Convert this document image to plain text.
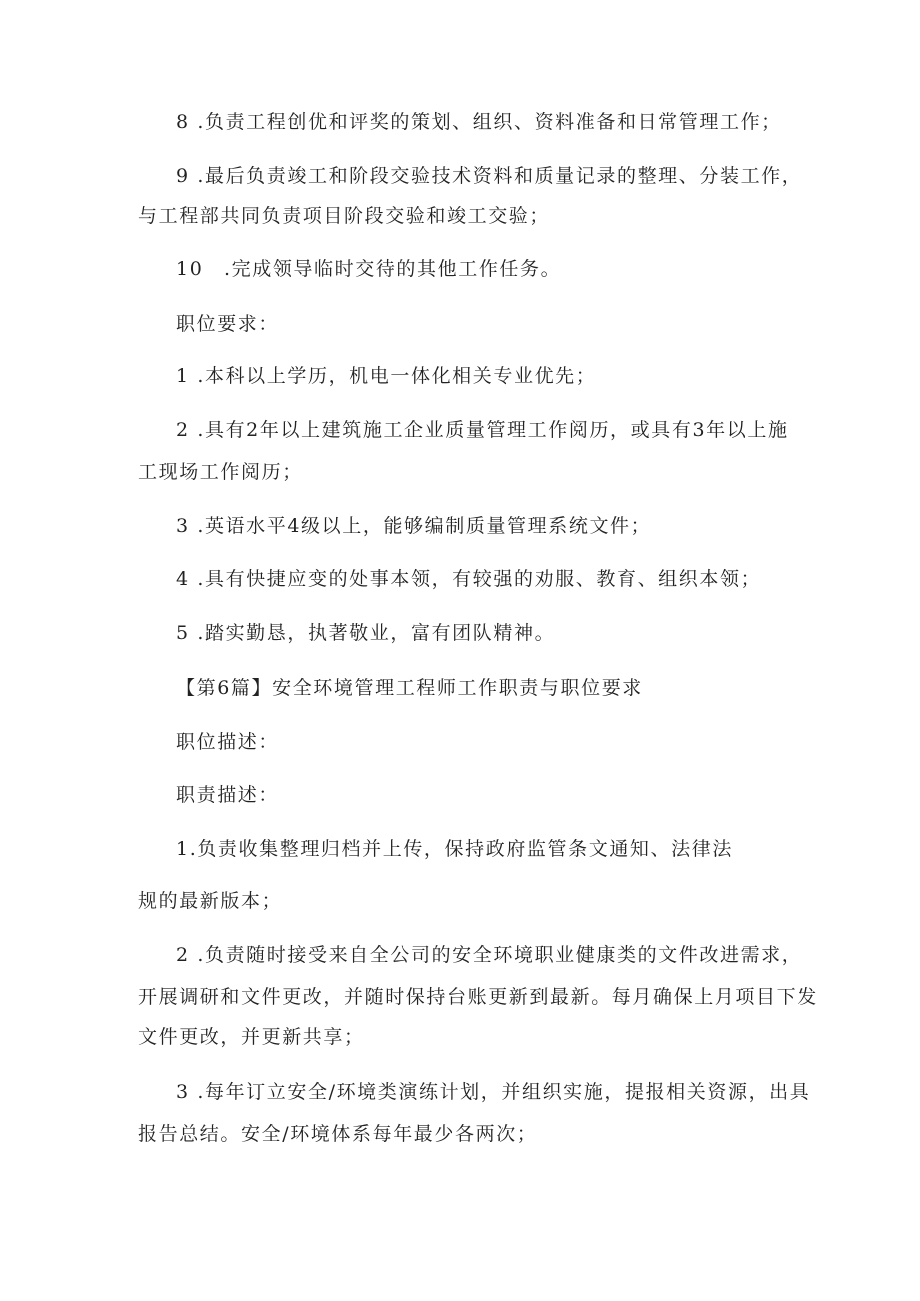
8 .负责工程创优和评奖的策划、组织、资料准备和日常管理工作；
9 .最后负责竣工和阶段交验技术资料和质量记录的整理、分装工作，
与工程部共同负责项目阶段交验和竣工交验；
10　.完成领导临时交待的其他工作任务。
职位要求：
1 .本科以上学历，机电一体化相关专业优先；
2 .具有2年以上建筑施工企业质量管理工作阅历，或具有3年以上施
工现场工作阅历；
3 .英语水平4级以上，能够编制质量管理系统文件；
4 .具有快捷应变的处事本领，有较强的劝服、教育、组织本领；
5 .踏实勤恳，执著敬业，富有团队精神。
【第6篇】安全环境管理工程师工作职责与职位要求
职位描述：
职责描述：
1.负责收集整理归档并上传，保持政府监管条文通知、法律法
规的最新版本；
2 .负责随时接受来自全公司的安全环境职业健康类的文件改进需求，
开展调研和文件更改，并随时保持台账更新到最新。每月确保上月项目下发
文件更改，并更新共享；
3 .每年订立安全/环境类演练计划，并组织实施，提报相关资源，出具
报告总结。安全/环境体系每年最少各两次；
